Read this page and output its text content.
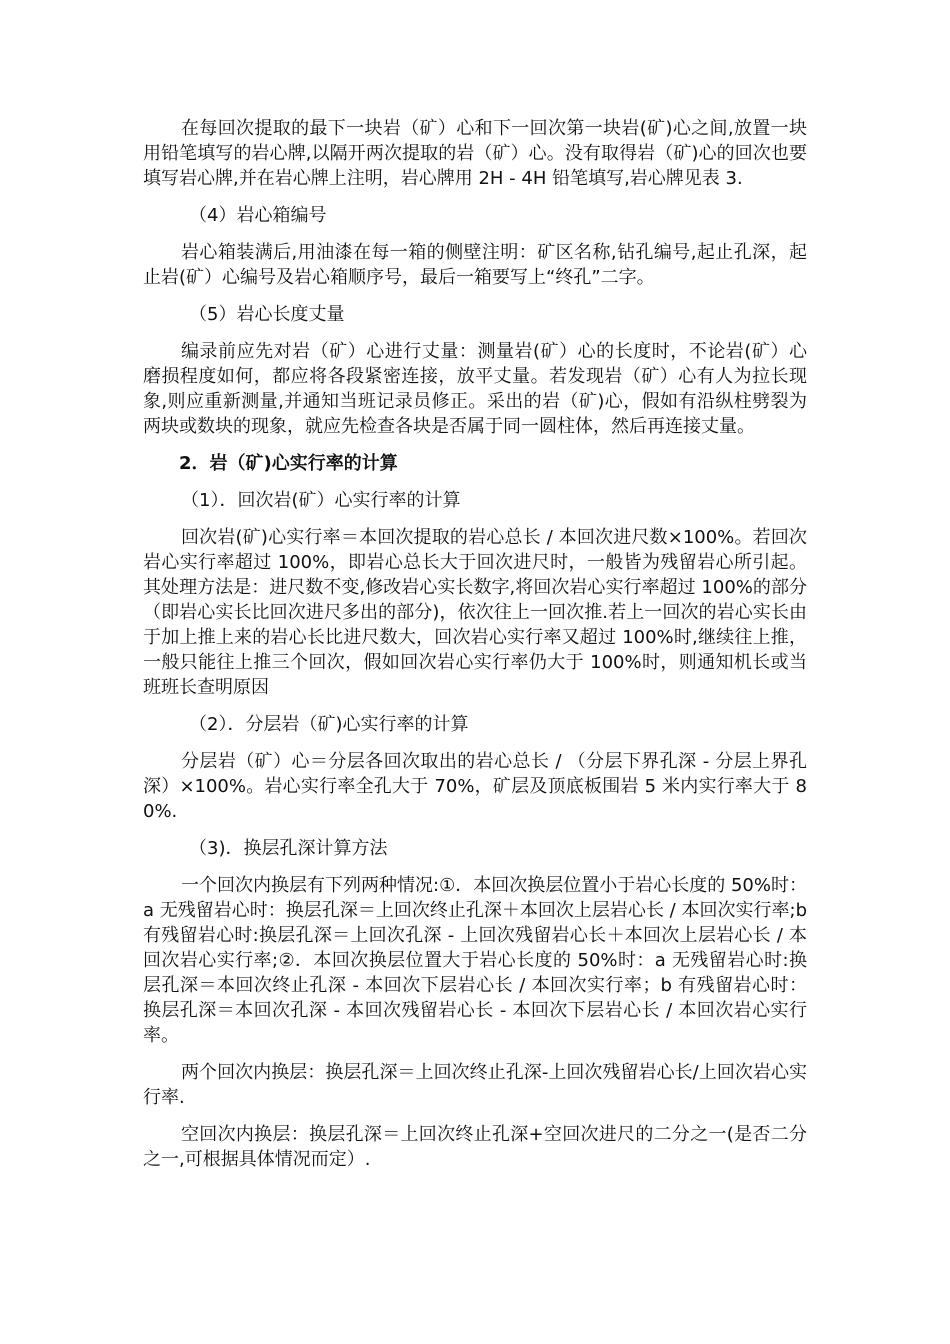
在每回次提取的最下一块岩（矿）心和下一回次第一块岩(矿)心之间,放置一块用铅笔填写的岩心牌,以隔开两次提取的岩（矿）心。没有取得岩（矿)心的回次也要填写岩心牌,并在岩心牌上注明，岩心牌用 2H - 4H 铅笔填写,岩心牌见表 3.

（4）岩心箱编号

岩心箱装满后,用油漆在每一箱的侧壁注明：矿区名称,钻孔编号,起止孔深，起止岩(矿）心编号及岩心箱顺序号，最后一箱要写上“终孔”二字。

（5）岩心长度丈量

编录前应先对岩（矿）心进行丈量：测量岩(矿）心的长度时，不论岩(矿）心磨损程度如何，都应将各段紧密连接，放平丈量。若发现岩（矿）心有人为拉长现象,则应重新测量,并通知当班记录员修正。采出的岩（矿)心，假如有沿纵柱劈裂为两块或数块的现象，就应先检查各块是否属于同一圆柱体，然后再连接丈量。

2．岩（矿)心实行率的计算

（1）．回次岩(矿）心实行率的计算

回次岩(矿)心实行率＝本回次提取的岩心总长 / 本回次进尺数×100%。若回次岩心实行率超过 100%，即岩心总长大于回次进尺时，一般皆为残留岩心所引起。其处理方法是：进尺数不变,修改岩心实长数字,将回次岩心实行率超过 100%的部分（即岩心实长比回次进尺多出的部分)，依次往上一回次推.若上一回次的岩心实长由于加上推上来的岩心长比进尺数大，回次岩心实行率又超过 100%时,继续往上推，一般只能往上推三个回次，假如回次岩心实行率仍大于 100%时，则通知机长或当班班长查明原因

（2）．分层岩（矿)心实行率的计算

分层岩（矿）心＝分层各回次取出的岩心总长 / （分层下界孔深 - 分层上界孔深）×100%。岩心实行率全孔大于 70%，矿层及顶底板围岩 5 米内实行率大于 80%.

（3)．换层孔深计算方法

一个回次内换层有下列两种情况:①．本回次换层位置小于岩心长度的 50%时：a 无残留岩心时：换层孔深＝上回次终止孔深＋本回次上层岩心长 / 本回次实行率;b 有残留岩心时:换层孔深＝上回次孔深 - 上回次残留岩心长＋本回次上层岩心长 / 本回次岩心实行率;②．本回次换层位置大于岩心长度的 50%时：a 无残留岩心时:换层孔深＝本回次终止孔深 - 本回次下层岩心长 / 本回次实行率；b 有残留岩心时：换层孔深＝本回次孔深 - 本回次残留岩心长 - 本回次下层岩心长 / 本回次岩心实行率。

两个回次内换层：换层孔深＝上回次终止孔深-上回次残留岩心长/上回次岩心实行率.

空回次内换层：换层孔深＝上回次终止孔深+空回次进尺的二分之一(是否二分之一,可根据具体情况而定）.
